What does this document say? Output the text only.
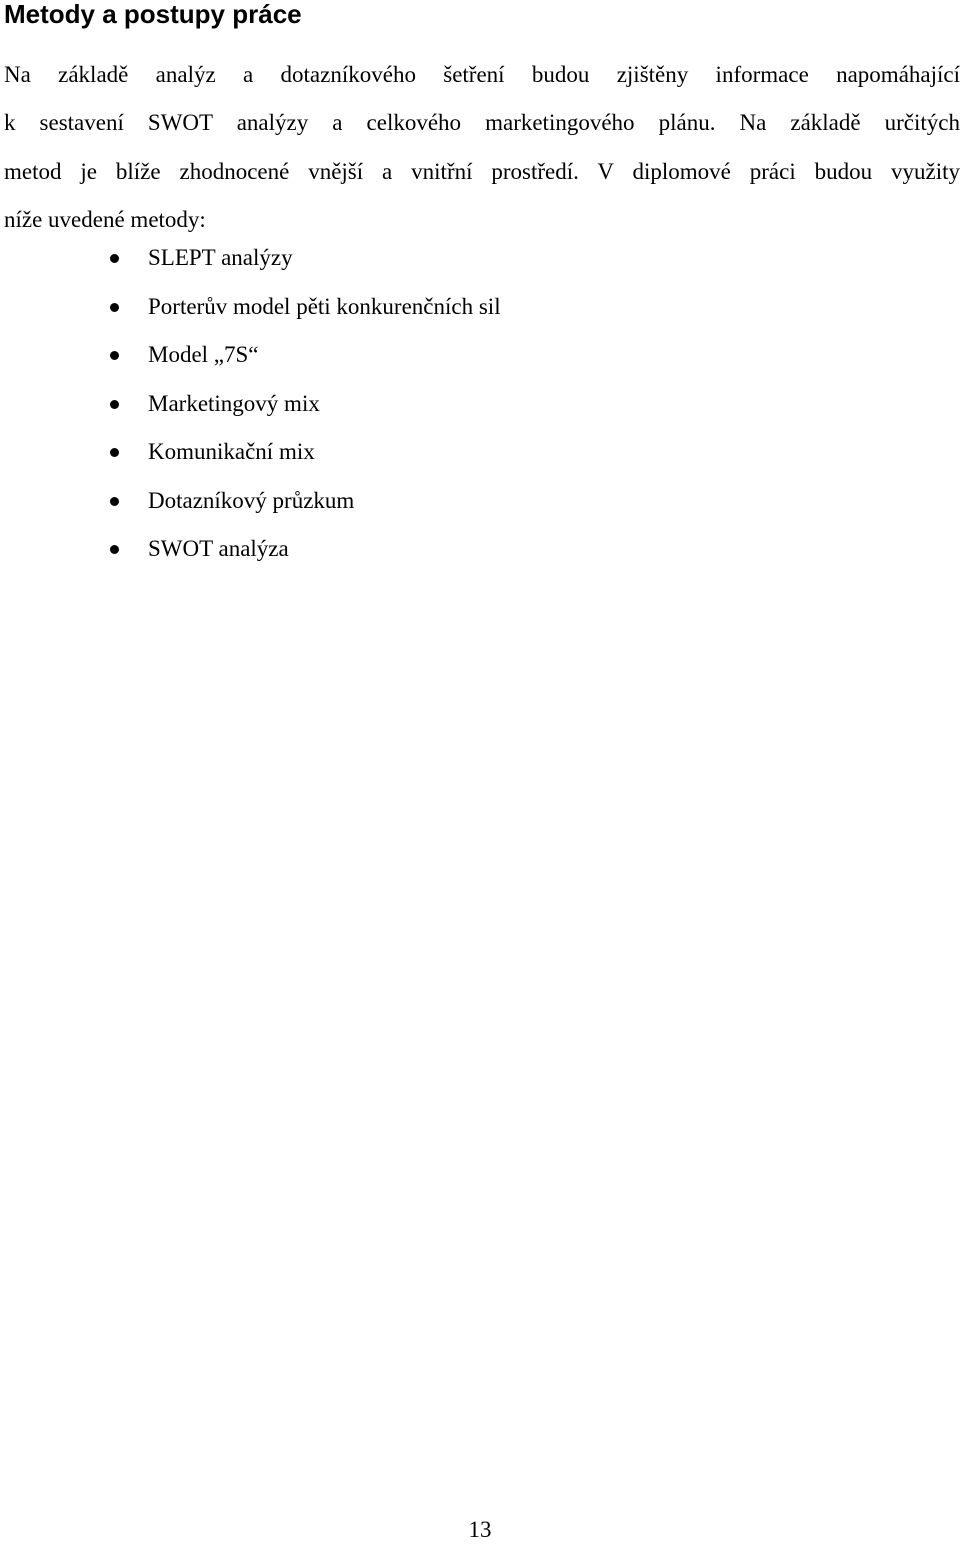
Metody a postupy práce
Na základě analýz a dotazníkového šetření budou zjištěny informace napomáhající
k sestavení SWOT analýzy a celkového marketingového plánu. Na základě určitých
metod je blíže zhodnocené vnější a vnitřní prostředí. V diplomové práci budou využity
níže uvedené metody:
SLEPT analýzy
Porterův model pěti konkurenčních sil
Model „7S“
Marketingový mix
Komunikační mix
Dotazníkový průzkum
SWOT analýza
13
